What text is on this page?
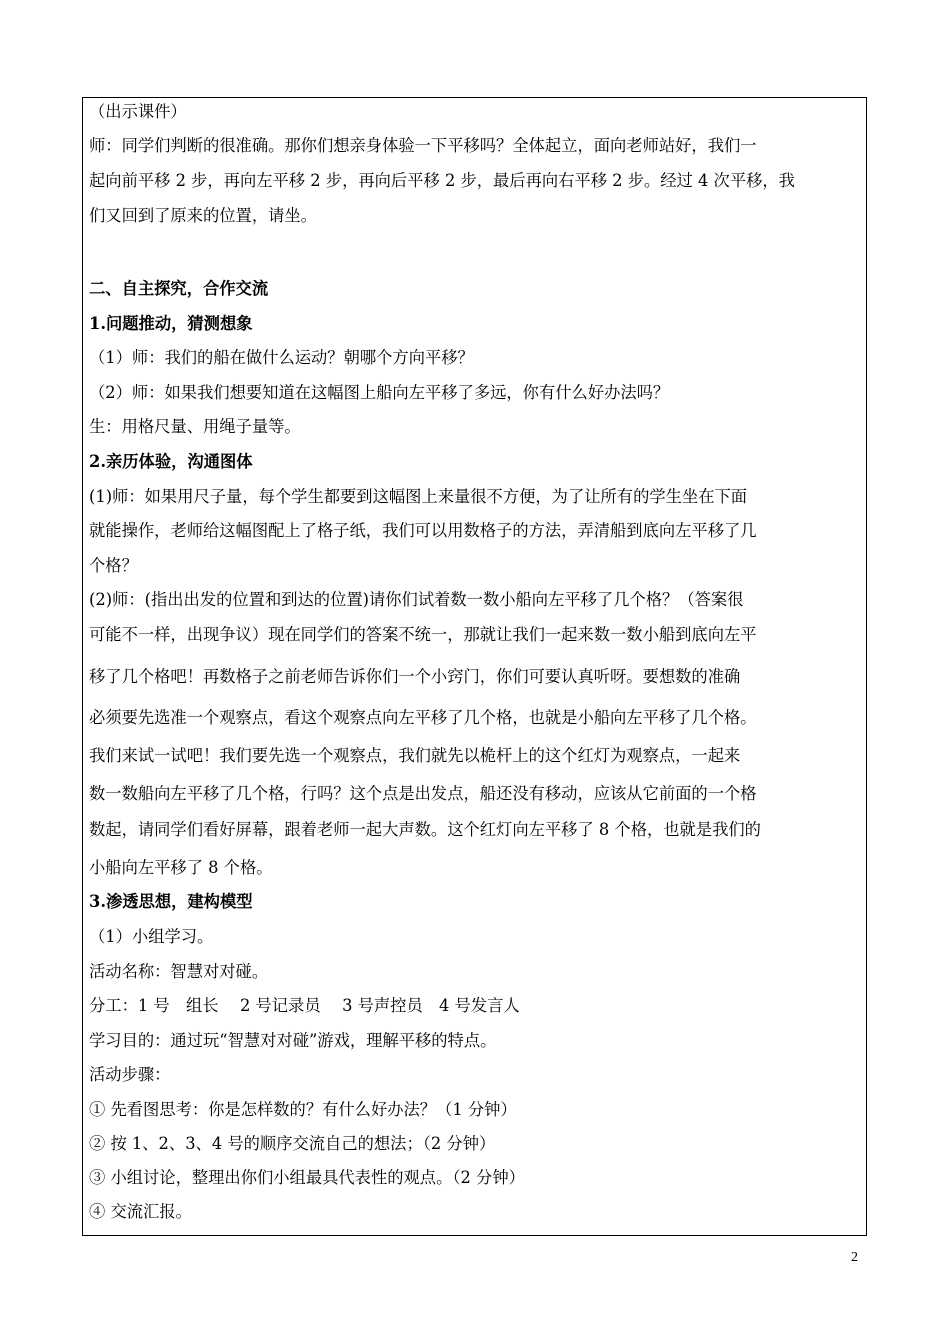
（出示课件）
师：同学们判断的很准确。那你们想亲身体验一下平移吗？全体起立，面向老师站好，我们一
起向前平移 2 步，再向左平移 2 步，再向后平移 2 步，最后再向右平移 2 步。经过 4 次平移，我
们又回到了原来的位置，请坐。
二、自主探究，合作交流
1.问题推动，猜测想象
（1）师：我们的船在做什么运动？朝哪个方向平移？
（2）师：如果我们想要知道在这幅图上船向左平移了多远，你有什么好办法吗？
生：用格尺量、用绳子量等。
2.亲历体验，沟通图体
(1)师：如果用尺子量，每个学生都要到这幅图上来量很不方便，为了让所有的学生坐在下面
就能操作，老师给这幅图配上了格子纸，我们可以用数格子的方法，弄清船到底向左平移了几
个格？
(2)师：(指出出发的位置和到达的位置)请你们试着数一数小船向左平移了几个格？（答案很
可能不一样，出现争议）现在同学们的答案不统一，那就让我们一起来数一数小船到底向左平
移了几个格吧！再数格子之前老师告诉你们一个小窍门，你们可要认真听呀。要想数的准确
必须要先选准一个观察点，看这个观察点向左平移了几个格，也就是小船向左平移了几个格。
我们来试一试吧！我们要先选一个观察点，我们就先以桅杆上的这个红灯为观察点，一起来
数一数船向左平移了几个格，行吗？这个点是出发点，船还没有移动，应该从它前面的一个格
数起，请同学们看好屏幕，跟着老师一起大声数。这个红灯向左平移了 8 个格，也就是我们的
小船向左平移了 8 个格。
3.渗透思想，建构模型
（1）小组学习。
活动名称：智慧对对碰。
分工：1 号　组长　 2 号记录员　 3 号声控员　4 号发言人
学习目的：通过玩“智慧对对碰”游戏，理解平移的特点。
活动步骤：
① 先看图思考：你是怎样数的？有什么好办法？（1 分钟）
② 按 1、2、3、4 号的顺序交流自己的想法；（2 分钟）
③ 小组讨论，整理出你们小组最具代表性的观点。（2 分钟）
④ 交流汇报。
2
